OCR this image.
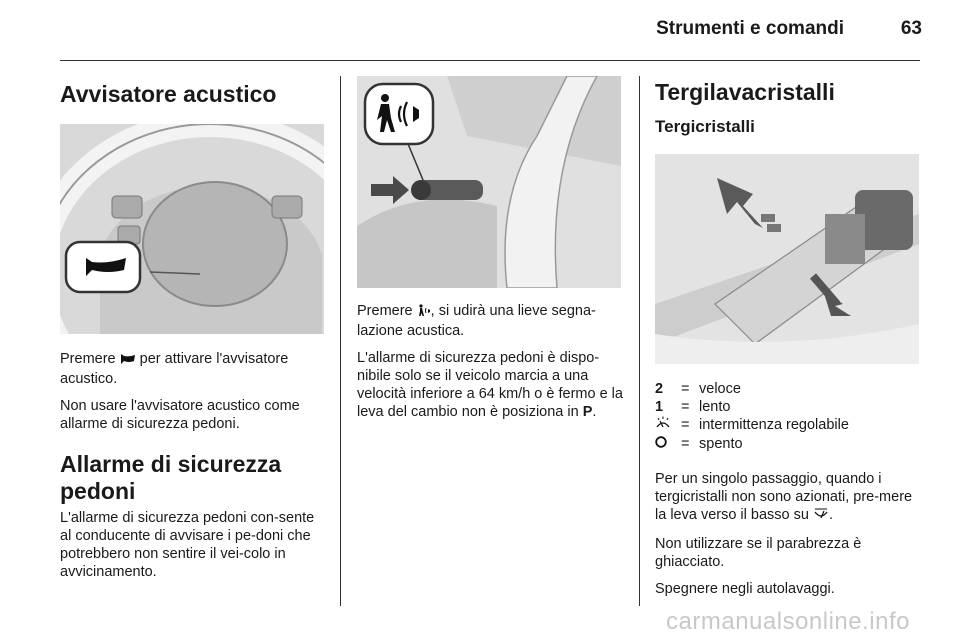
Strumenti e comandi	63
Avvisatore acustico

Premere  per attivare l'avvisatore acustico.

Non usare l'avvisatore acustico come allarme di sicurezza pedoni.

Allarme di sicurezza pedoni

L'allarme di sicurezza pedoni con-sente al conducente di avvisare i pe-doni che potrebbero non sentire il vei-colo in avvicinamento.

Premere , si udirà una lieve segna-lazione acustica.

L'allarme di sicurezza pedoni è dispo-nibile solo se il veicolo marcia a una velocità inferiore a 64 km/h o è fermo e la leva del cambio non è posiziona in P.

Tergilavacristalli
Tergicristalli
2	= veloce
1	= lento
= intermittenza regolabile
= spento

Per un singolo passaggio, quando i tergicristalli non sono azionati, pre-mere la leva verso il basso su .

Non utilizzare se il parabrezza è ghiacciato.

Spegnere negli autolavaggi.

carmanualsonline.info
